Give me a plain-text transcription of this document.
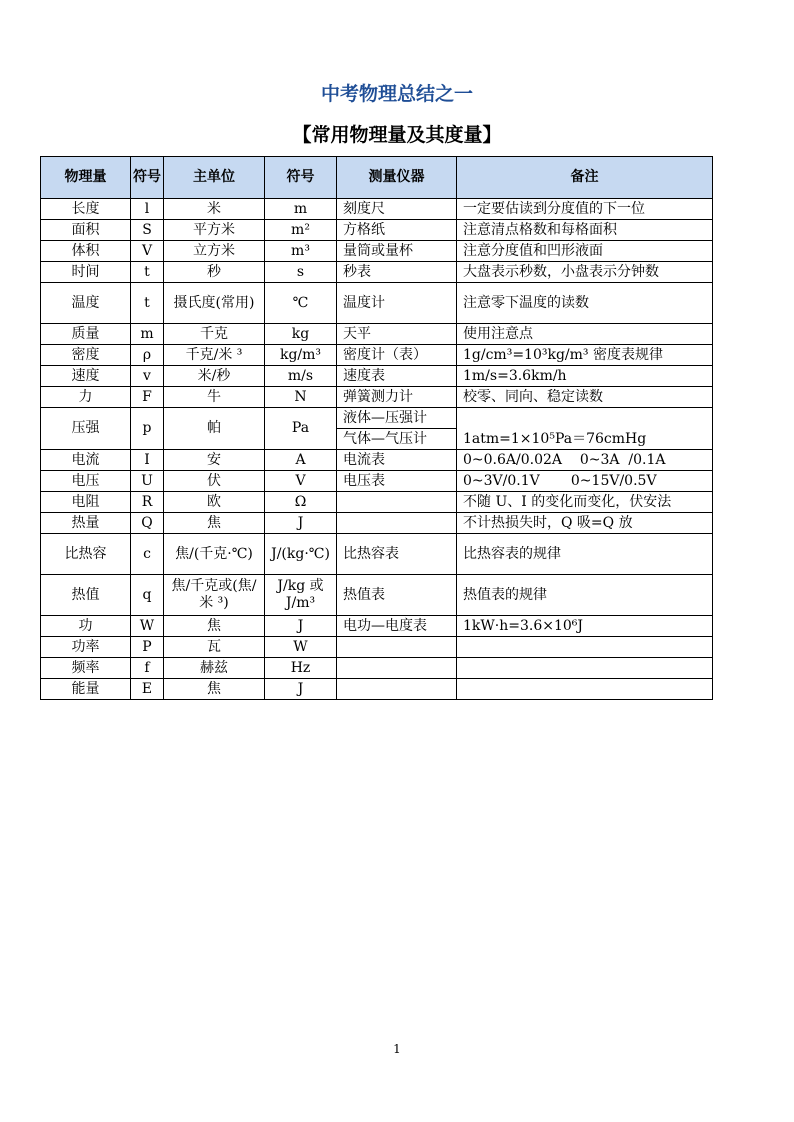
中考物理总结之一
【常用物理量及其度量】
物理量	符号	主单位	符号	测量仪器	备注
长度	l	米	m	刻度尺	一定要估读到分度值的下一位
面积	S	平方米	m²	方格纸	注意清点格数和每格面积
体积	V	立方米	m³	量筒或量杯	注意分度值和凹形液面
时间	t	秒	s	秒表	大盘表示秒数，小盘表示分钟数
温度	t	摄氏度(常用)	℃	温度计	注意零下温度的读数
质量	m	千克	kg	天平	使用注意点
密度	ρ	千克/米 ³	kg/m³	密度计（表）	1g/cm³=10³kg/m³ 密度表规律
速度	v	米/秒	m/s	速度表	1m/s=3.6km/h
力	F	牛	N	弹簧测力计	校零、同向、稳定读数
压强	p	帕	Pa	液体—压强计	1atm=1×10⁵Pa＝76cmHg
				气体—气压计	
电流	I	安	A	电流表	0~0.6A/0.02A    0~3A  /0.1A
电压	U	伏	V	电压表	0~3V/0.1V       0~15V/0.5V
电阻	R	欧	Ω		不随 U、I 的变化而变化，伏安法
热量	Q	焦	J		不计热损失时，Q 吸=Q 放
比热容	c	焦/(千克·℃)	J/(kg·℃)	比热容表	比热容表的规律
热值	q	焦/千克或(焦/米 ³)	J/kg 或 J/m³	热值表	热值表的规律
功	W	焦	J	电功—电度表	1kW·h=3.6×10⁶J
功率	P	瓦	W		
频率	f	赫兹	Hz		
能量	E	焦	J		
1
